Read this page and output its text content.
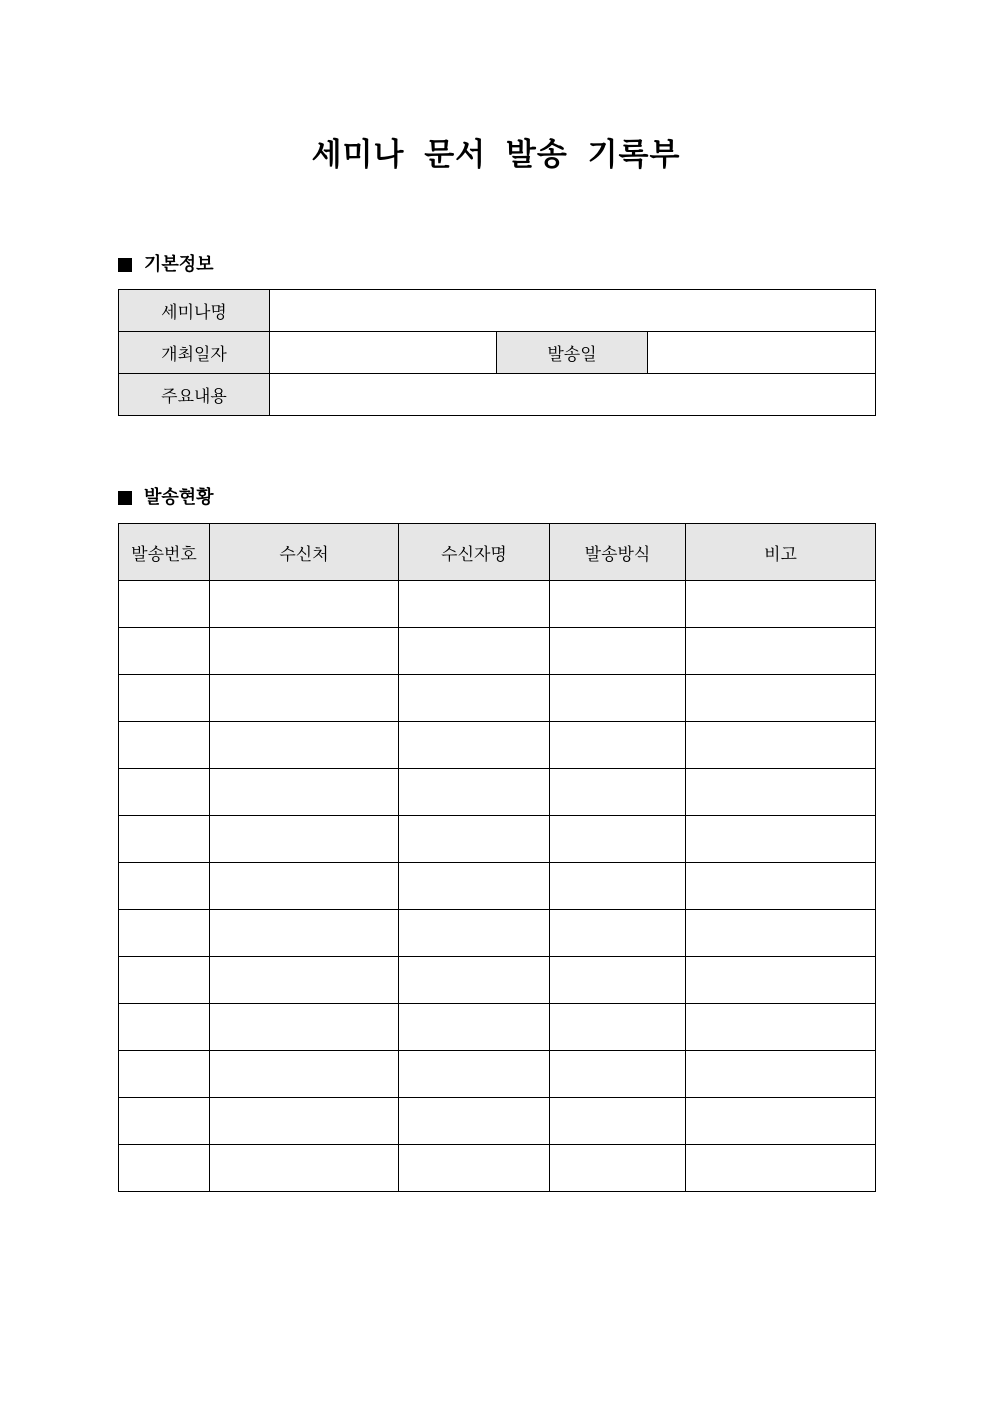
세미나 문서 발송 기록부
기본정보
세미나명			
개최일자		발송일	
주요내용			
발송현황
발송번호	수신처	수신자명	발송방식	비고
